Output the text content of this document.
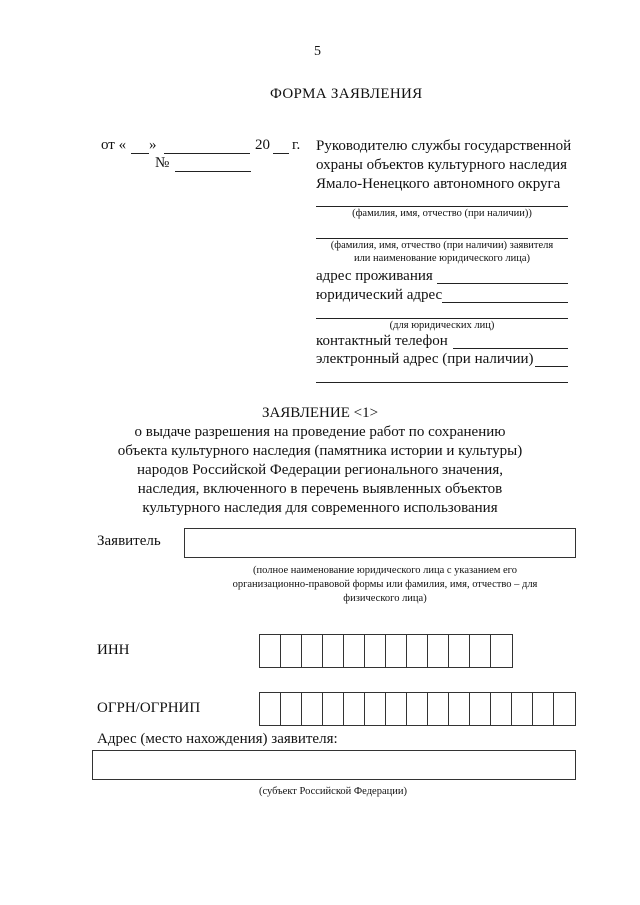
5
ФОРМА ЗАЯВЛЕНИЯ
от « »	20 г.
№
Руководителю службы государственной
охраны объектов культурного наследия
Ямало-Ненецкого автономного округа
(фамилия, имя, отчество (при наличии))
(фамилия, имя, отчество (при наличии) заявителя
или наименование юридического лица)
адрес проживания
юридический адрес
(для юридических лиц)
контактный телефон
электронный адрес (при наличии)
ЗАЯВЛЕНИЕ <1>
о выдаче разрешения на проведение работ по сохранению
объекта культурного наследия (памятника истории и культуры)
народов Российской Федерации регионального значения,
наследия, включенного в перечень выявленных объектов
культурного наследия для современного использования
Заявитель
(полное наименование юридического лица с указанием его
организационно-правовой формы или фамилия, имя, отчество – для
физического лица)
ИНН
ОГРН/ОГРНИП
Адрес (место нахождения) заявителя:
(субъект Российской Федерации)
